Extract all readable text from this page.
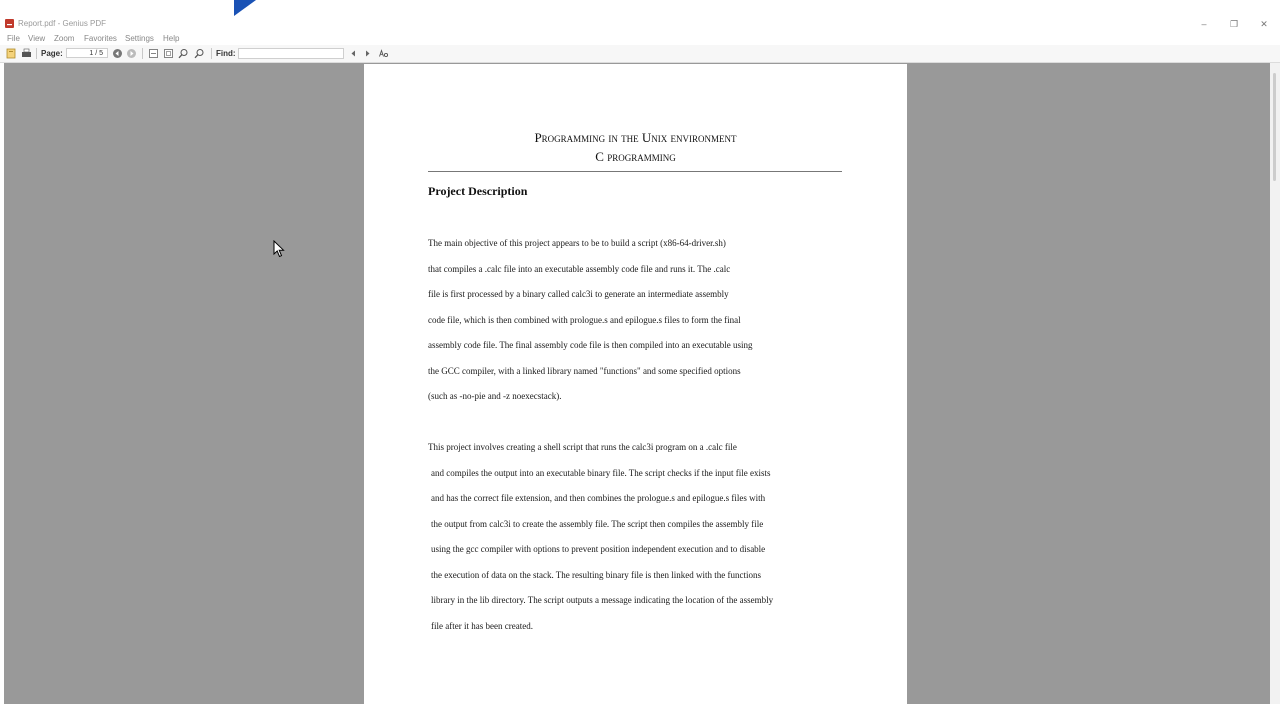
Report.pdf - Genius PDF	–	❐	✕
File View Zoom Favorites Settings Help
Page:	1 / 5	Find:
Programming in the Unix environment
C programming
Project Description
The main objective of this project appears to be to build a script (x86-64-driver.sh)
that compiles a .calc file into an executable assembly code file and runs it. The .calc
file is first processed by a binary called calc3i to generate an intermediate assembly
code file, which is then combined with prologue.s and epilogue.s files to form the final
assembly code file. The final assembly code file is then compiled into an executable using
the GCC compiler, with a linked library named "functions" and some specified options
(such as -no-pie and -z noexecstack).
This project involves creating a shell script that runs the calc3i program on a .calc file
and compiles the output into an executable binary file. The script checks if the input file exists
and has the correct file extension, and then combines the prologue.s and epilogue.s files with
the output from calc3i to create the assembly file. The script then compiles the assembly file
using the gcc compiler with options to prevent position independent execution and to disable
the execution of data on the stack. The resulting binary file is then linked with the functions
library in the lib directory. The script outputs a message indicating the location of the assembly
file after it has been created.
